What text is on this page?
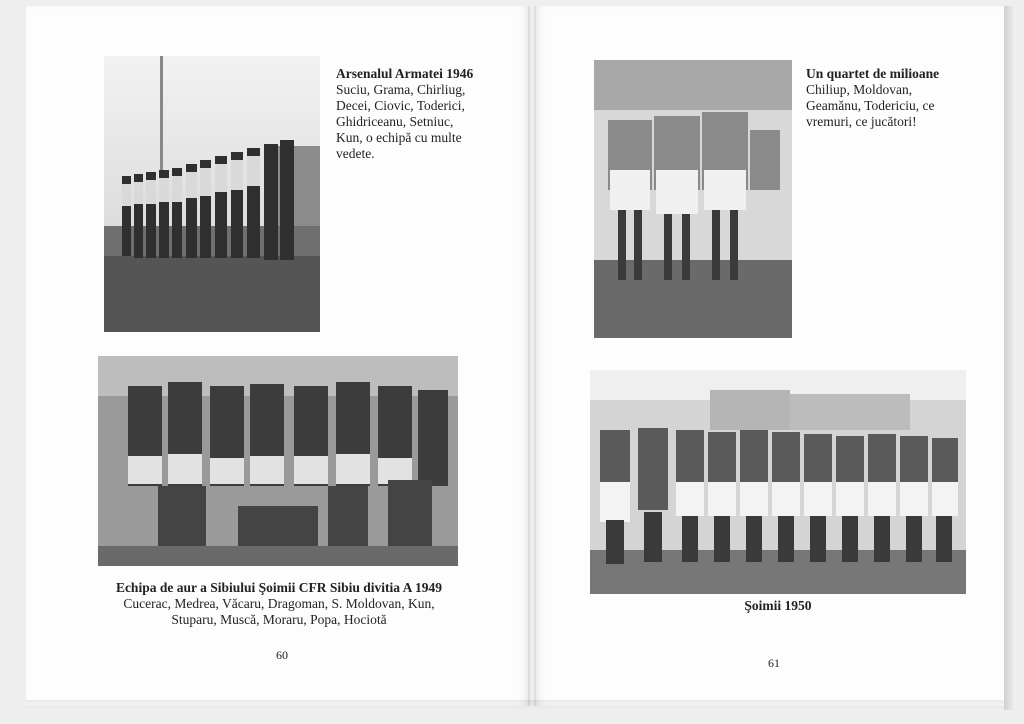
Arsenalul Armatei 1946
Suciu, Grama, Chirliug,
Decei, Ciovic, Toderici,
Ghidriceanu, Setniuc,
Kun, o echipă cu multe
vedete.
Echipa de aur a Sibiului Şoimii CFR Sibiu divitia A 1949
Cucerac, Medrea, Văcaru, Dragoman, S. Moldovan, Kun,
Stuparu, Muscă, Moraru, Popa, Hociotă
60
Un quartet de milioane
Chiliup, Moldovan,
Geamănu, Todericiu, ce
vremuri, ce jucători!
Şoimii 1950
61
